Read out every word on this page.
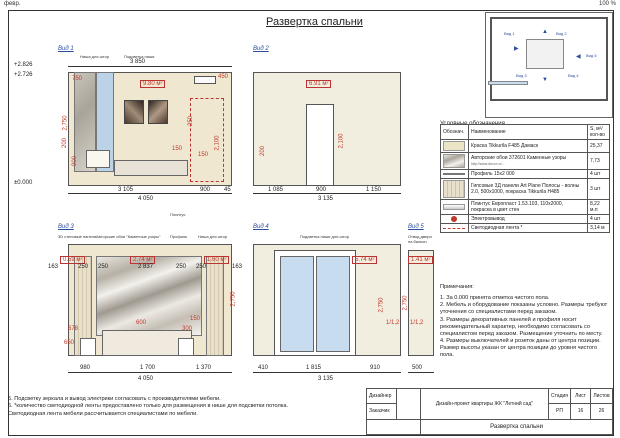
февр.	100 %
Развертка спальни
Вид 1
Ниша для штор	Подсветка ниши
3 850
+2.826
+2.726
±0.000
9.80 м²
750
2,750
150
900
200
250
2,100
150
450
3 105	900 45
4 050
Плинтус
Вид 2
6.91 м²
2,100
200
1 085	900	1 150
3 135
Вид 3
3D стеновые панели Авторские обои "Каменные узоры" Профиль	Ниша для штор
0.59 м²	2.74 м²	1.60 м²
2,750
678
650
300
150
600
163	250 250	2 837	250 250	163
980	1 700	1 370
4 050
Вид 4
Подсветка ниши для штор
5.74 м²
2,750
1/1,2
410	1 815	910
3 135
Вид 5
Отвод двери на балкон
1.41 м²
1/1,2
2,750
500
Вид 1	Вид 2
Вид 3	Вид 4
Вид 5
▶
▲
▼
◀
Условные обозначения
Обознач.	Наименование	S, м²/кол-во

	Краска Tikkurila F485 Дамаск	25,37

	Авторские обои 372601 Каменные узоры
http://www.decor.ru/...	7,73

	Профиль 15х2 000	4 шт

	Гипсовые 3Д панели Art Plane Полосы - волны 2.0, 500х1000, покраска Tikkurila H485	3 шт

	Плинтус Европласт 1.53.103, 110х2000, покраска в цвет стен	8,22 м.п

	Электровывод	4 шт

	Светодиодная лента *	3,14 м
Примечания:
1. За 0.000 принята отметка чистого пола.
2. Мебель и оборудование показаны условно. Размеры требуют уточнения со специалистами перед заказом.
3. Размеры декоративных панелей и профиля носит рекомендательный характер, необходимо согласовать со специалистом перед заказом. Размещение уточнить по месту.
4. Размеры выключателей и розеток даны от центра позиции.
Размер высоты указан от центра позиции до уровня чистого пола.
5. Подсветку зеркала и вывод электрики согласовать с производителями мебели.
6. *количество светодиодной ленты предоставлено только для размещения в нише для подсветки потолка.
Светодиодная лента мебели рассчитывается специалистами по мебели.
Дизайнер		Дизайн-проект квартиры ЖК "Летний сад"	Стадия	Лист	Листов
Заказчик			РП	16	26
		Развертка спальни			
